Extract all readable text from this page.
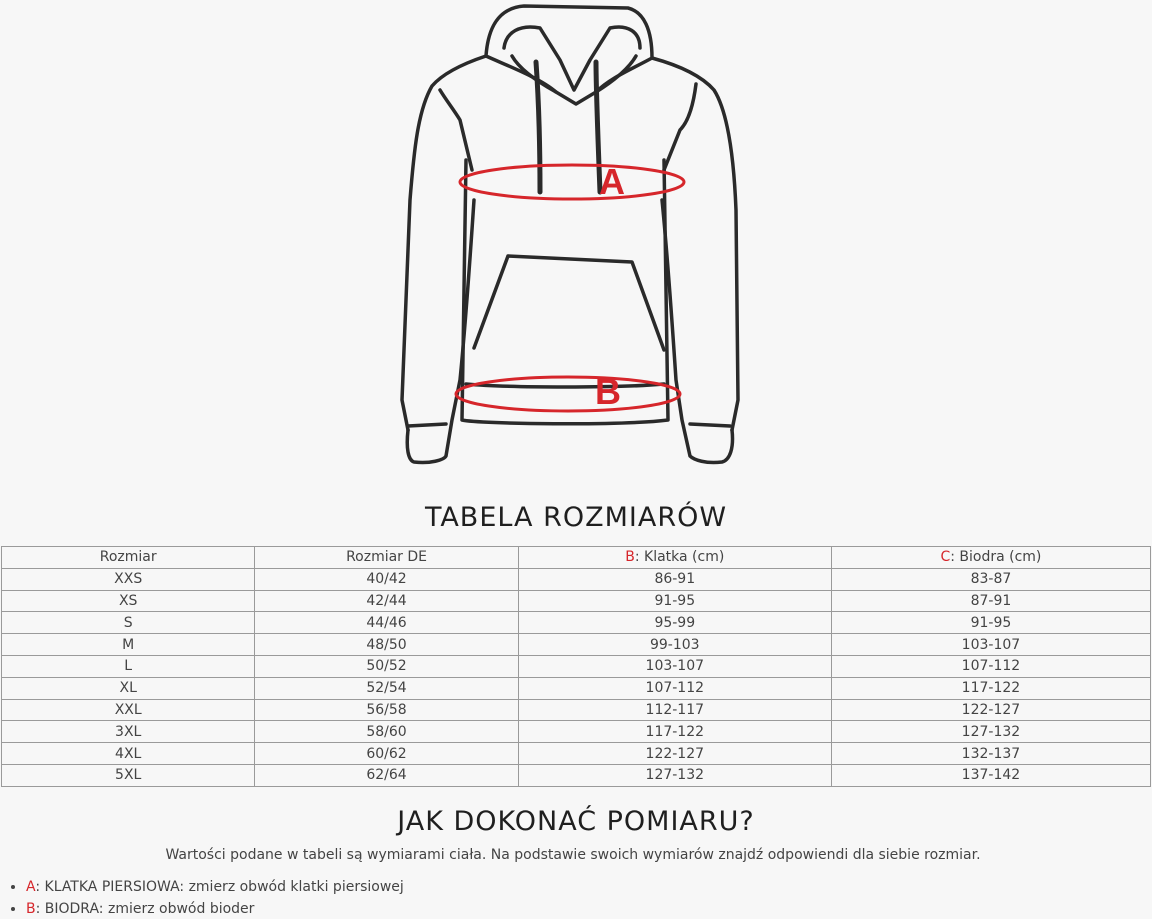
A
B
TABELA ROZMIARÓW
Rozmiar	Rozmiar DE	B: Klatka (cm)	C: Biodra (cm)
XXS	40/42	86-91	83-87
XS	42/44	91-95	87-91
S	44/46	95-99	91-95
M	48/50	99-103	103-107
L	50/52	103-107	107-112
XL	52/54	107-112	117-122
XXL	56/58	112-117	122-127
3XL	58/60	117-122	127-132
4XL	60/62	122-127	132-137
5XL	62/64	127-132	137-142
JAK DOKONAĆ POMIARU?

Wartości podane w tabeli są wymiarami ciała. Na podstawie swoich wymiarów znajdź odpowiendi dla siebie rozmiar.

• A: KLATKA PIERSIOWA: zmierz obwód klatki piersiowej
• B: BIODRA: zmierz obwód bioder
